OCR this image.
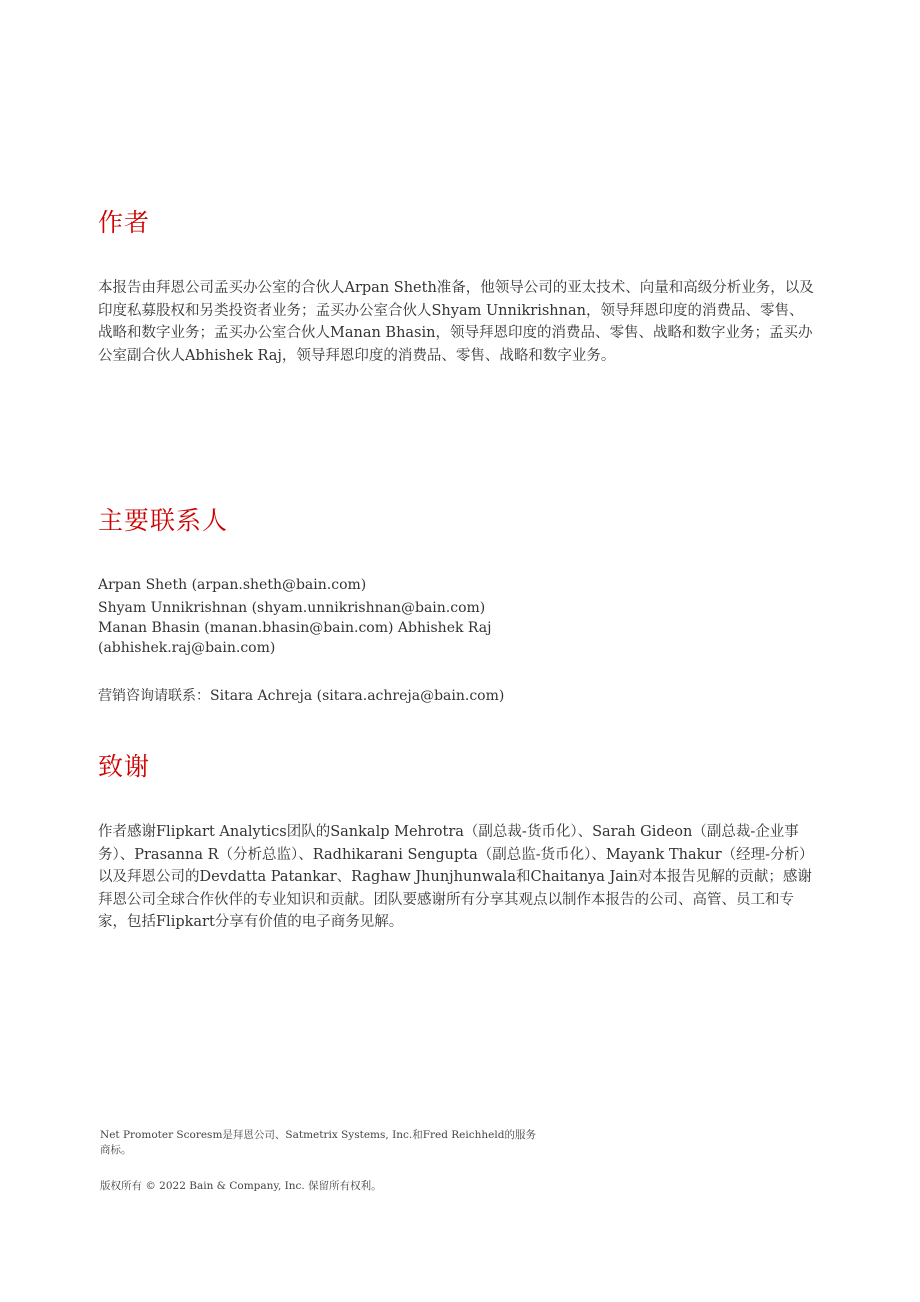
作者

本报告由拜恩公司孟买办公室的合伙人Arpan Sheth准备，他领导公司的亚太技术、向量和高级分析业务，以及印度私募股权和另类投资者业务；孟买办公室合伙人Shyam Unnikrishnan，领导拜恩印度的消费品、零售、战略和数字业务；孟买办公室合伙人Manan Bhasin，领导拜恩印度的消费品、零售、战略和数字业务；孟买办公室副合伙人Abhishek Raj，领导拜恩印度的消费品、零售、战略和数字业务。

主要联系人

Arpan Sheth (arpan.sheth@bain.com)

Shyam Unnikrishnan (shyam.unnikrishnan@bain.com) Manan Bhasin (manan.bhasin@bain.com) Abhishek Raj (abhishek.raj@bain.com)

营销咨询请联系：Sitara Achreja (sitara.achreja@bain.com)

致谢

作者感谢Flipkart Analytics团队的Sankalp Mehrotra（副总裁-货币化）、Sarah Gideon（副总裁-企业事务）、Prasanna R（分析总监）、Radhikarani Sengupta（副总监-货币化）、Mayank Thakur（经理-分析）以及拜恩公司的Devdatta Patankar、Raghaw Jhunjhunwala和Chaitanya Jain对本报告见解的贡献；感谢拜恩公司全球合作伙伴的专业知识和贡献。团队要感谢所有分享其观点以制作本报告的公司、高管、员工和专家，包括Flipkart分享有价值的电子商务见解。

Net Promoter Scoresm是拜恩公司、Satmetrix Systems, Inc.和Fred Reichheld的服务商标。

版权所有 © 2022 Bain & Company, Inc. 保留所有权利。
